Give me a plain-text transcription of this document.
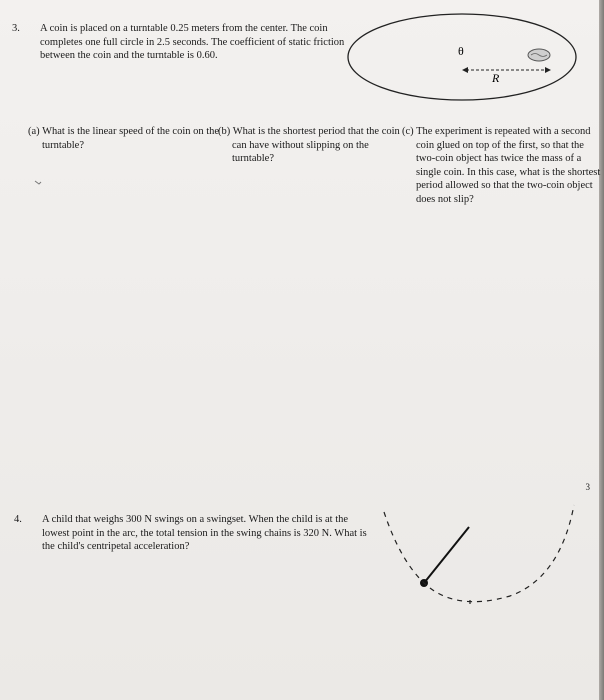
3. A coin is placed on a turntable 0.25 meters from the center. The coin completes one full circle in 2.5 seconds. The coefficient of static friction between the coin and the turntable is 0.60.	θ
R
(a) What is the linear speed of the coin on the turntable?
(b) What is the shortest period that the coin can have without slipping on the turntable?
(c) The experiment is repeated with a second coin glued on top of the first, so that the two-coin object has twice the mass of a single coin. In this case, what is the shortest period allowed so that the two-coin object does not slip?
3
4. A child that weighs 300 N swings on a swingset. When the child is at the lowest point in the arc, the total tension in the swing chains is 320 N. What is the child's centripetal acceleration?
